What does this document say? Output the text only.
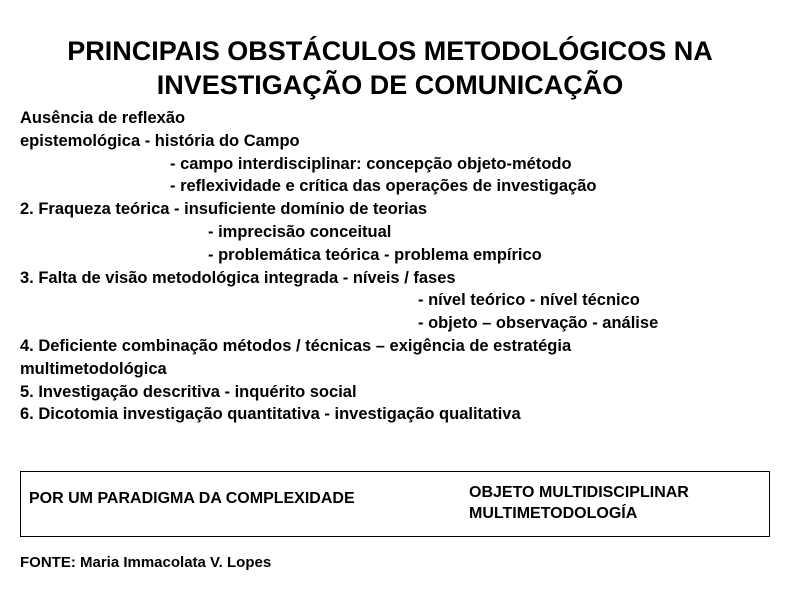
PRINCIPAIS OBSTÁCULOS METODOLÓGICOS NA
INVESTIGAÇÃO DE COMUNICAÇÃO
Ausência de reflexão
epistemológica - história do Campo
- campo interdisciplinar: concepção objeto-método
- reflexividade e crítica das operações de investigação
2. Fraqueza teórica - insuficiente domínio de teorias
- imprecisão conceitual
- problemática teórica - problema empírico
3. Falta de visão metodológica integrada - níveis / fases
- nível teórico - nível técnico
- objeto – observação - análise
4. Deficiente combinação métodos / técnicas – exigência de estratégia
multimetodológica
5. Investigação descritiva - inquérito social
6. Dicotomia investigação quantitativa - investigação qualitativa
POR UM PARADIGMA DA COMPLEXIDADE	OBJETO MULTIDISCIPLINAR
MULTIMETODOLOGÍA
FONTE: Maria Immacolata V. Lopes
